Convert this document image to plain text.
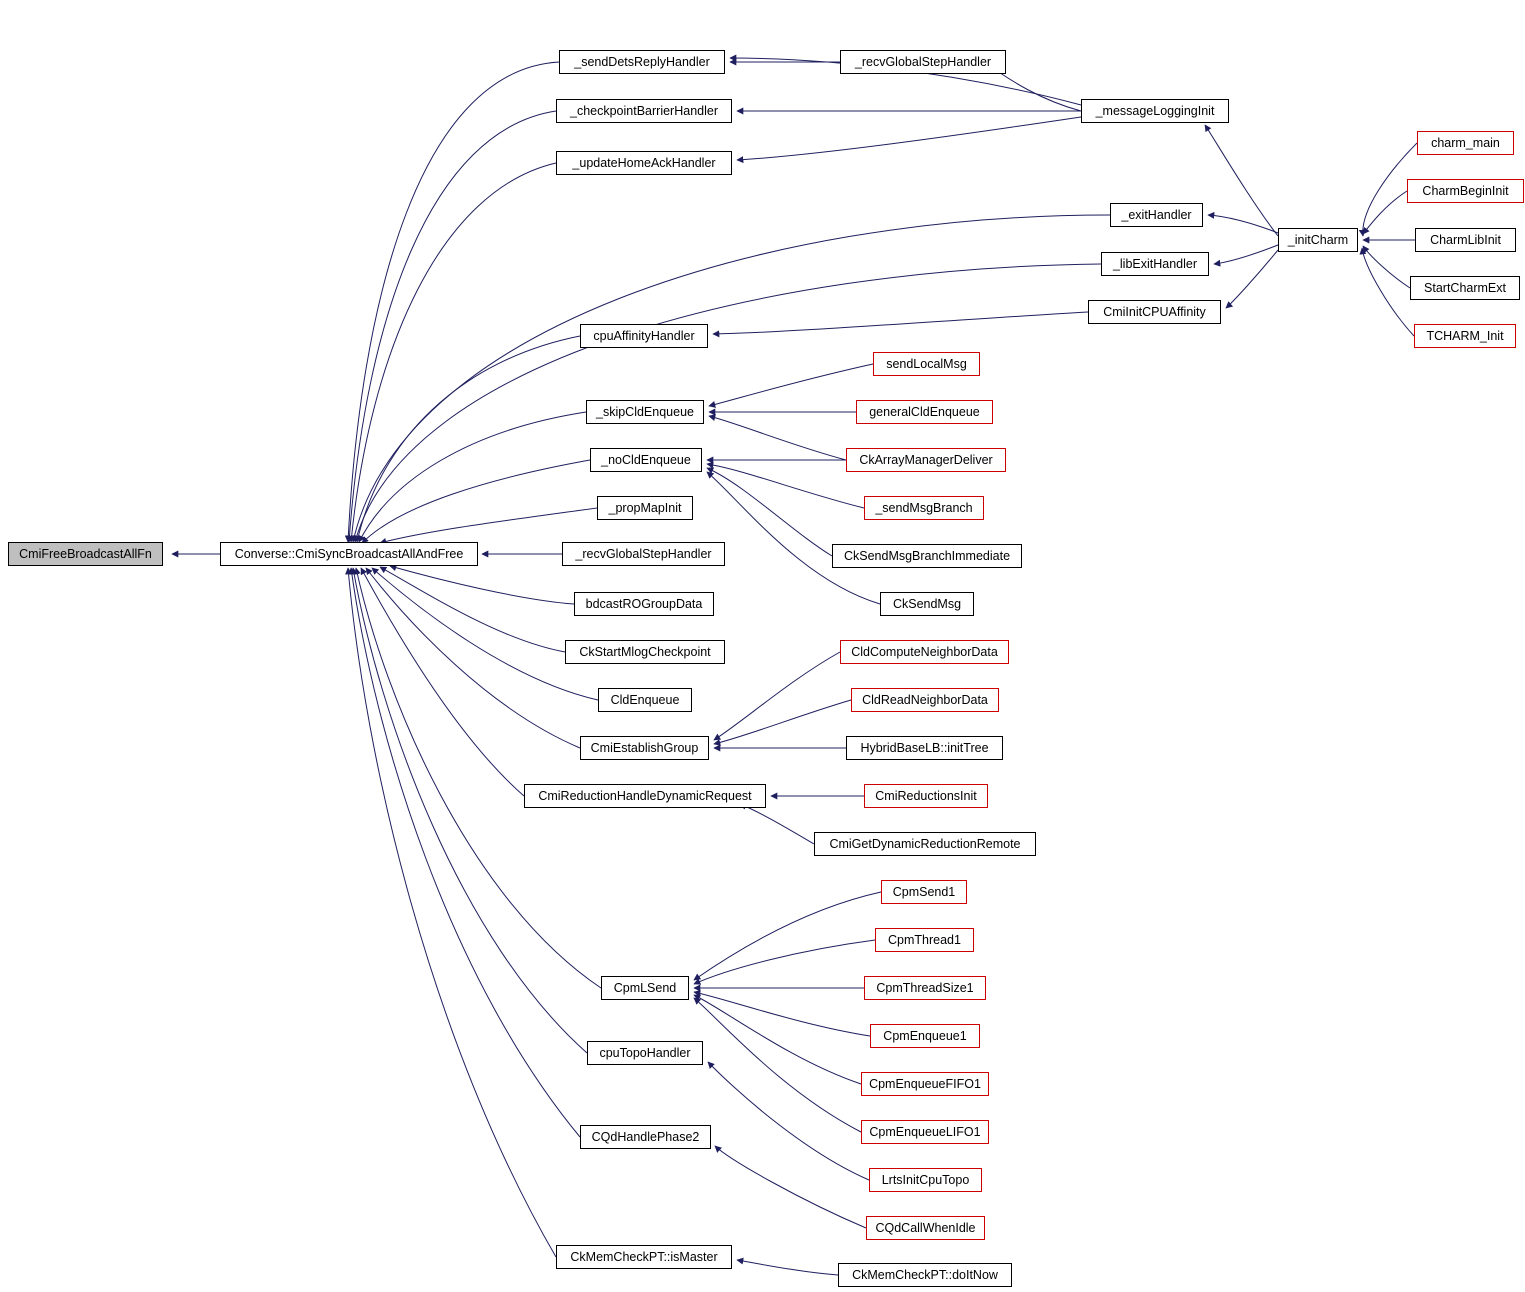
CmiFreeBroadcastAllFn	Converse::CmiSyncBroadcastAllAndFree
_sendDetsReplyHandler	_recvGlobalStepHandler
_checkpointBarrierHandler	_messageLoggingInit
_updateHomeAckHandler
charm_main
CharmBeginInit
_exitHandler
_initCharm	CharmLibInit
_libExitHandler
StartCharmExt
CmiInitCPUAffinity
TCHARM_Init
cpuAffinityHandler
sendLocalMsg
_skipCldEnqueue	generalCldEnqueue
_noCldEnqueue	CkArrayManagerDeliver
_propMapInit	_sendMsgBranch
_recvGlobalStepHandler	CkSendMsgBranchImmediate
bdcastROGroupData	CkSendMsg
CkStartMlogCheckpoint	CldComputeNeighborData
CldEnqueue	CldReadNeighborData
CmiEstablishGroup	HybridBaseLB::initTree
CmiReductionHandleDynamicRequest	CmiReductionsInit
CmiGetDynamicReductionRemote
CpmSend1
CpmThread1
CpmLSend	CpmThreadSize1
CpmEnqueue1
cpuTopoHandler
CpmEnqueueFIFO1
CpmEnqueueLIFO1
CQdHandlePhase2
LrtsInitCpuTopo
CQdCallWhenIdle
CkMemCheckPT::isMaster
CkMemCheckPT::doItNow
